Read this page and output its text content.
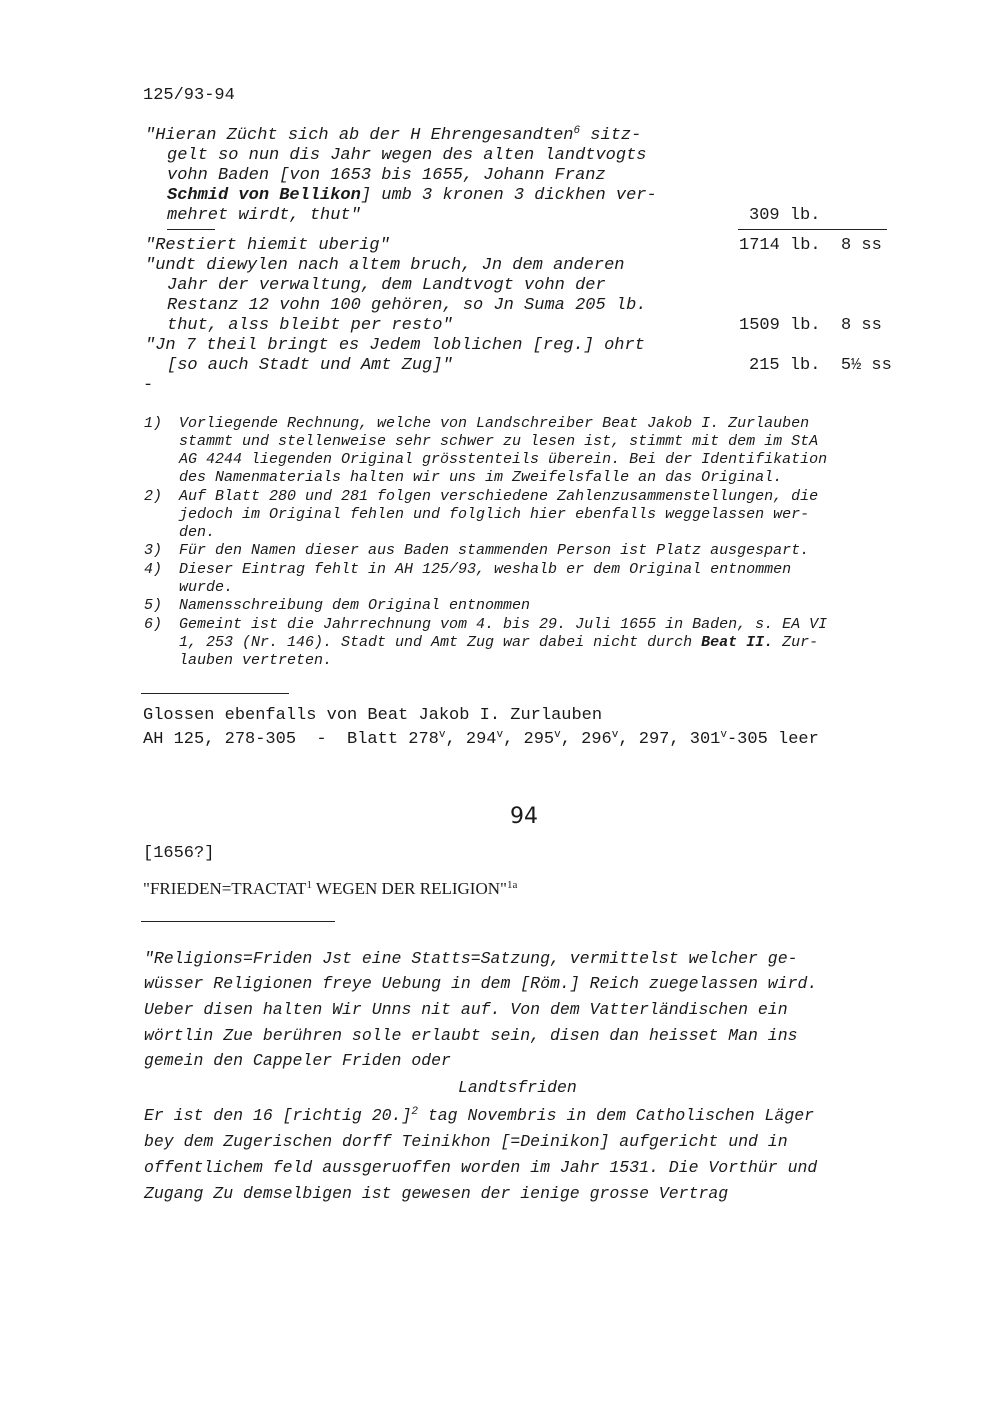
125/93-94
"Hieran Zücht sich ab der H Ehrengesandten$^6$ sitz-
gelt so nun dis Jahr wegen des alten landtvogts
vohn Baden [von 1653 bis 1655, Johann Franz
Schmid von Bellikon] umb 3 kronen 3 dickhen ver-
mehret wirdt, thut"	309 lb.
"Restiert hiemit uberig"	1714 lb.  8 ss
"undt diewylen nach altem bruch, Jn dem anderen
Jahr der verwaltung, dem Landtvogt vohn der
Restanz 12 vohn 100 gehören, so Jn Suma 205 lb.
thut, alss bleibt per resto"	1509 lb.  8 ss
"Jn 7 theil bringt es Jedem loblichen [reg.] ohrt
[so auch Stadt und Amt Zug]"	215 lb.  5½ ss
-
1) Vorliegende Rechnung, welche von Landschreiber Beat Jakob I. Zurlauben
stammt und stellenweise sehr schwer zu lesen ist, stimmt mit dem im StA
AG 4244 liegenden Original grösstenteils überein. Bei der Identifikation
des Namenmaterials halten wir uns im Zweifelsfalle an das Original.
2) Auf Blatt 280 und 281 folgen verschiedene Zahlenzusammenstellungen, die
jedoch im Original fehlen und folglich hier ebenfalls weggelassen wer-
den.
3) Für den Namen dieser aus Baden stammenden Person ist Platz ausgespart.
4) Dieser Eintrag fehlt in AH 125/93, weshalb er dem Original entnommen
wurde.
5) Namensschreibung dem Original entnommen
6) Gemeint ist die Jahrrechnung vom 4. bis 29. Juli 1655 in Baden, s. EA VI
1, 253 (Nr. 146). Stadt und Amt Zug war dabei nicht durch Beat II. Zur-
lauben vertreten.
Glossen ebenfalls von Beat Jakob I. Zurlauben
AH 125, 278-305  -  Blatt 278$^v$, 294$^v$, 295$^v$, 296$^v$, 297, 301$^v$-305 leer
94
[1656?]
"$FRIEDEN=TRACTAT^1$ WEGEN DER RELIGION"$^{1a}$
"Religions=Friden Jst eine Statts=Satzung, vermittelst welcher ge-
wüsser Religionen freye Uebung in dem [Röm.] Reich zuegelassen wird.
Ueber disen halten Wir Unns nit auf. Von dem Vatterländischen ein
wörtlin Zue berühren solle erlaubt sein, disen dan heisset Man ins
gemein den Cappeler Friden oder
Landtsfriden
Er ist den 16 [richtig 20.]$^2$ tag Novembris in dem Catholischen Läger
bey dem Zugerischen dorff Teinikhon [=Deinikon] aufgericht und in
offentlichem feld aussgeruoffen worden im Jahr 1531. Die Vorthür und
Zugang Zu demselbigen ist gewesen der ienige grosse Vertrag
